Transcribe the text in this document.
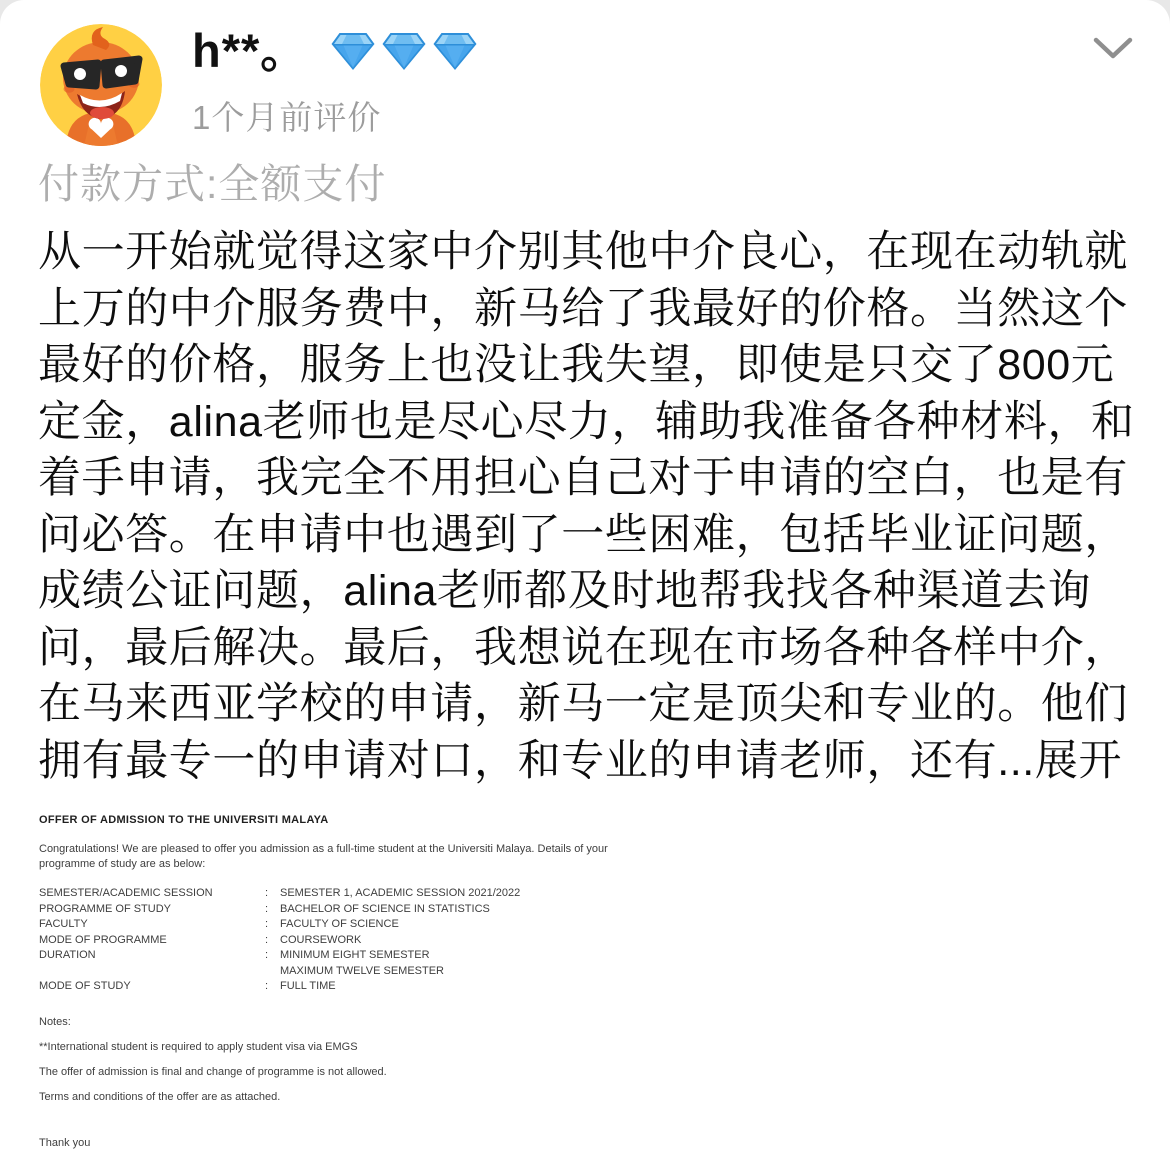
h**。
1个月前评价
付款方式:全额支付
从一开始就觉得这家中介别其他中介良心，在现在动轨就
上万的中介服务费中，新马给了我最好的价格。当然这个
最好的价格，服务上也没让我失望，即使是只交了800元
定金，alina老师也是尽心尽力，辅助我准备各种材料，和
着手申请，我完全不用担心自己对于申请的空白，也是有
问必答。在申请中也遇到了一些困难，包括毕业证问题，
成绩公证问题，alina老师都及时地帮我找各种渠道去询
问，最后解决。最后，我想说在现在市场各种各样中介，
在马来西亚学校的申请，新马一定是顶尖和专业的。他们
拥有最专一的申请对口，和专业的申请老师，还有...展开
OFFER OF ADMISSION TO THE UNIVERSITI MALAYA
Congratulations! We are pleased to offer you admission as a full-time student at the Universiti Malaya. Details of your
programme of study are as below:
SEMESTER/ACADEMIC SESSION	:	SEMESTER 1, ACADEMIC SESSION 2021/2022
PROGRAMME OF STUDY	:	BACHELOR OF SCIENCE IN STATISTICS
FACULTY	:	FACULTY OF SCIENCE
MODE OF PROGRAMME	:	COURSEWORK
DURATION	:	MINIMUM EIGHT SEMESTER
MAXIMUM TWELVE SEMESTER
MODE OF STUDY	:	FULL TIME
Notes:
**International student is required to apply student visa via EMGS
The offer of admission is final and change of programme is not allowed.
Terms and conditions of the offer are as attached.
Thank you
